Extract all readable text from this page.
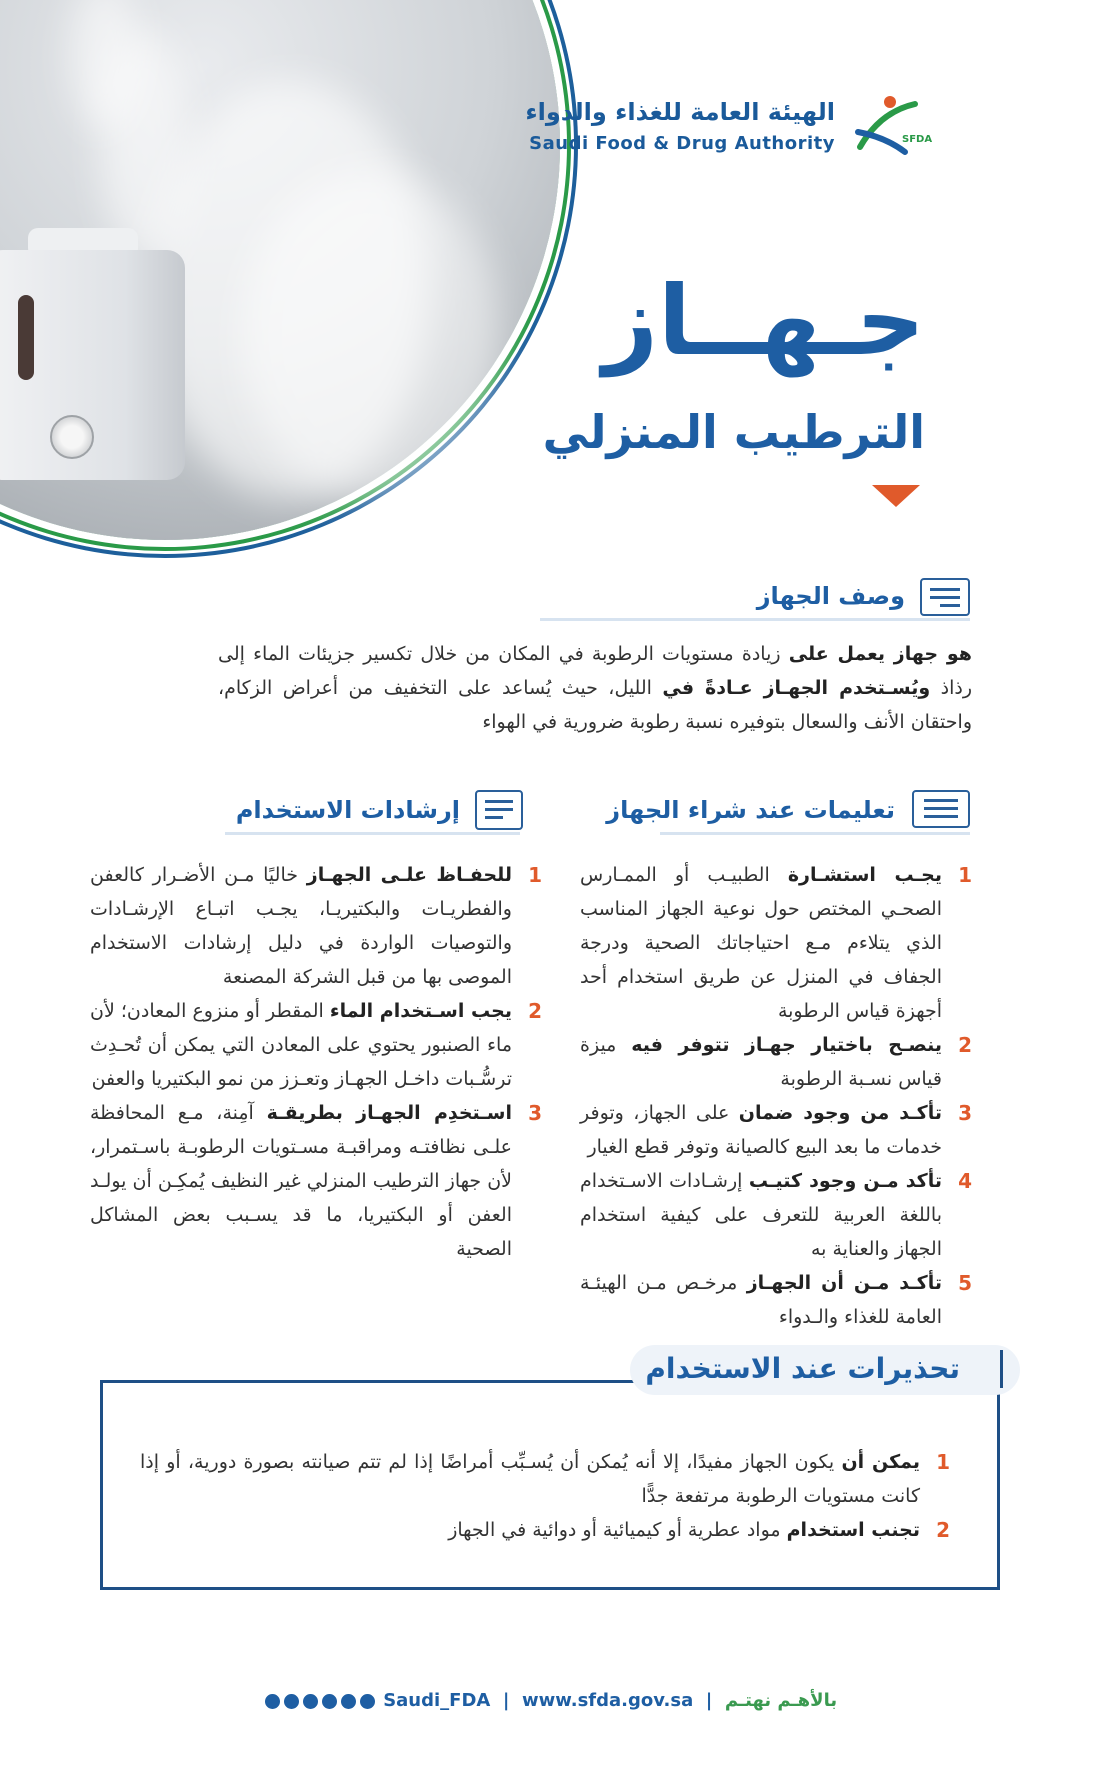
الهيئة العامة للغذاء والدواء
Saudi Food & Drug Authority	SFDA
جـهــاز
الترطيب المنزلي
وصف الجهاز
هو جهاز يعمل على زيادة مستويات الرطوبة في المكان من خلال تكسير جزيئات الماء إلى رذاذ ويُسـتخدم الجهـاز عـادةً في الليل، حيث يُساعد على التخفيف من أعراض الزكام، واحتقان الأنف والسعال بتوفيره نسبة رطوبة ضرورية في الهواء
تعليمات عند شراء الجهاز
1
يجـب استشـارة الطبيـب أو الممـارس الصحـي المختص حول نوعية الجهاز المناسب الذي يتلاءم مـع احتياجاتك الصحية ودرجة الجفاف في المنزل عن طريق استخدام أحد أجهزة قياس الرطوبة
2
ينصـح باختيار جهـاز تتوفر فيه ميزة قياس نسـبة الرطوبة
3
تأكـد من وجود ضمان على الجهاز، وتوفر خدمات ما بعد البيع كالصيانة وتوفر قطع الغيار
4
تأكد مـن وجود كتيـب إرشـادات الاسـتخدام باللغة العربية للتعرف على كيفية استخدام الجهاز والعناية به
5
تأكـد مـن أن الجهـاز مرخـص مـن الهيئـة العامة للغذاء والـدواء
إرشادات الاستخدام
1
للحفـاظ علـى الجهـاز خاليًا مـن الأضـرار كالعفن والفطريـات والبكتيريـا، يجـب اتبـاع الإرشـادات والتوصيات الواردة في دليل إرشادات الاستخدام الموصى بها من قبل الشركة المصنعة
2
يجب اسـتخدام الماء المقطر أو منزوع المعادن؛ لأن ماء الصنبور يحتوي على المعادن التي يمكن أن تُحـدِث ترسُّـبات داخـل الجهـاز وتعـزز من نمو البكتيريا والعفن
3
اسـتخدِم الجهـاز بطريقـة آمِنة، مـع المحافظة علـى نظافتـه ومراقبـة مسـتويات الرطوبـة باسـتمرار، لأن جهاز الترطيب المنزلي غير النظيف يُمكِـن أن يولـد العفن أو البكتيريا، ما قد يسـبب بعض المشاكل الصحية
تحذيرات عند الاستخدام
1
يمكن أن يكون الجهاز مفيدًا، إلا أنه يُمكن أن يُسـبِّب أمراضًا إذا لم تتم صيانته بصورة دورية، أو إذا كانت مستويات الرطوبة مرتفعة جدًّا
2
تجنب استخدام مواد عطرية أو كيميائية أو دوائية في الجهاز
Saudi_FDA | www.sfda.gov.sa | بالأهـم نهتـم
